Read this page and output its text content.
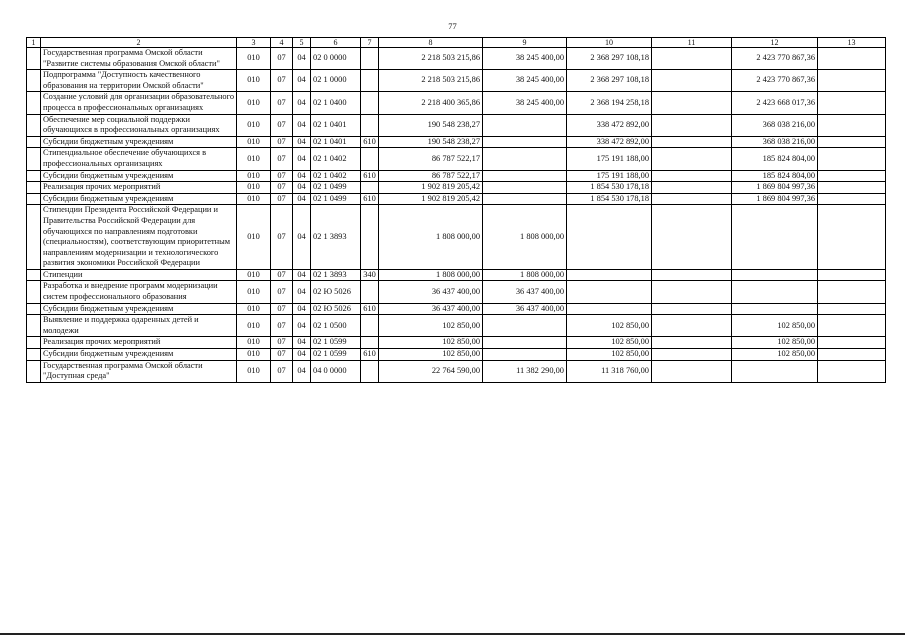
77
1	2	3	4	5	6	7	8	9	10	11	12	13
	Государственная программа Омской области "Развитие системы образования Омской области"	010	07	04	02 0 0000		2 218 503 215,86	38 245 400,00	2 368 297 108,18		2 423 770 867,36	
	Подпрограмма "Доступность качественного образования на территории Омской области"	010	07	04	02 1 0000		2 218 503 215,86	38 245 400,00	2 368 297 108,18		2 423 770 867,36	
	Создание условий для организации образовательного процесса в профессиональных организациях	010	07	04	02 1 0400		2 218 400 365,86	38 245 400,00	2 368 194 258,18		2 423 668 017,36	
	Обеспечение мер социальной поддержки обучающихся в профессиональных организациях	010	07	04	02 1 0401		190 548 238,27		338 472 892,00		368 038 216,00	
	Субсидии бюджетным учреждениям	010	07	04	02 1 0401	610	190 548 238,27		338 472 892,00		368 038 216,00	
	Стипендиальное обеспечение обучающихся в профессиональных организациях	010	07	04	02 1 0402		86 787 522,17		175 191 188,00		185 824 804,00	
	Субсидии бюджетным учреждениям	010	07	04	02 1 0402	610	86 787 522,17		175 191 188,00		185 824 804,00	
	Реализация прочих мероприятий	010	07	04	02 1 0499		1 902 819 205,42		1 854 530 178,18		1 869 804 997,36	
	Субсидии бюджетным учреждениям	010	07	04	02 1 0499	610	1 902 819 205,42		1 854 530 178,18		1 869 804 997,36	
	Стипендии Президента Российской Федерации и Правительства Российской Федерации для обучающихся по направлениям подготовки (специальностям), соответствующим приоритетным направлениям модернизации и технологического развития экономики Российской Федерации	010	07	04	02 1 3893		1 808 000,00	1 808 000,00				
	Стипендии	010	07	04	02 1 3893	340	1 808 000,00	1 808 000,00				
	Разработка и внедрение программ модернизации систем профессионального образования	010	07	04	02 Ю 5026		36 437 400,00	36 437 400,00				
	Субсидии бюджетным учреждениям	010	07	04	02 Ю 5026	610	36 437 400,00	36 437 400,00				
	Выявление и поддержка одаренных детей и молодежи	010	07	04	02 1 0500		102 850,00		102 850,00		102 850,00	
	Реализация прочих мероприятий	010	07	04	02 1 0599		102 850,00		102 850,00		102 850,00	
	Субсидии бюджетным учреждениям	010	07	04	02 1 0599	610	102 850,00		102 850,00		102 850,00	
	Государственная программа Омской области "Доступная среда"	010	07	04	04 0 0000		22 764 590,00	11 382 290,00	11 318 760,00			
